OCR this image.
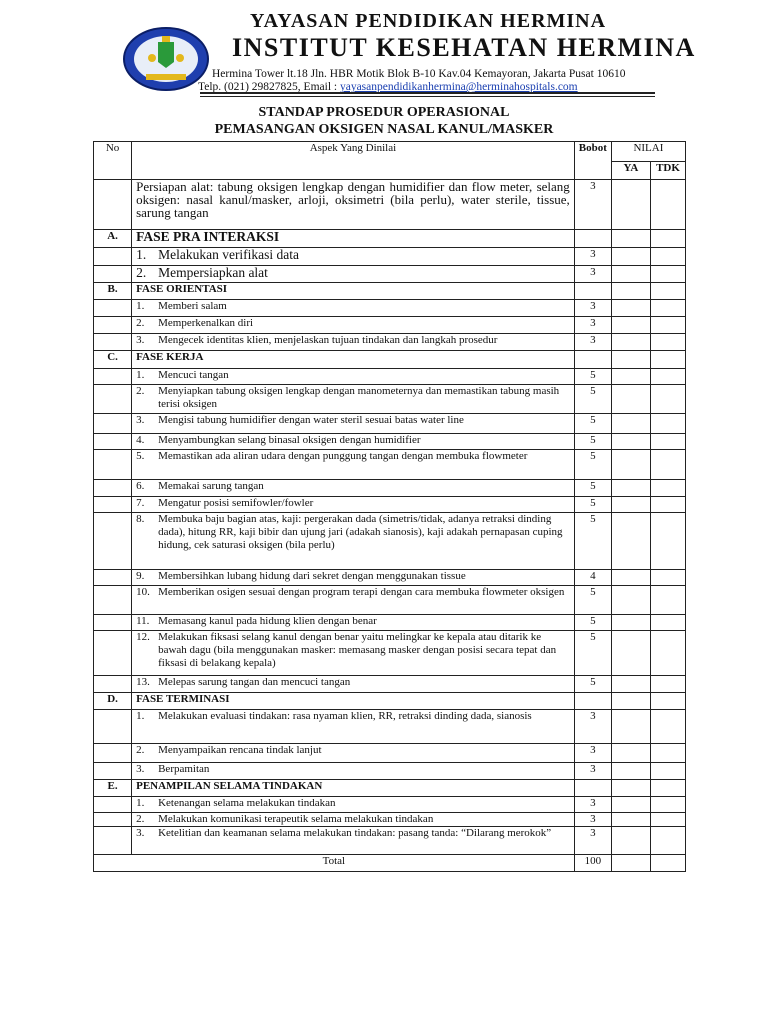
YAYASAN PENDIDIKAN HERMINA
INSTITUT KESEHATAN HERMINA
Hermina Tower lt.18 Jln. HBR Motik Blok B-10 Kav.04 Kemayoran, Jakarta Pusat 10610
Telp. (021) 29827825, Email : yayasanpendidikanhermina@herminahospitals.com
STANDAP PROSEDUR OPERASIONAL
PEMASANGAN OKSIGEN NASAL KANUL/MASKER
No	Aspek Yang Dinilai	Bobot	NILAI	
			YA	TDK
	Persiapan alat: tabung oksigen lengkap dengan humidifier dan flow meter, selang oksigen: nasal kanul/masker, arloji, oksimetri (bila perlu), water sterile, tissue, sarung tangan	3		
A.	FASE PRA INTERAKSI			

	1. Melakukan verifikasi data	3		

	2. Mempersiapkan alat	3		
B.	FASE ORIENTASI			

	1. Memberi salam	3		

	2. Memperkenalkan diri	3		

	3. Mengecek identitas klien, menjelaskan tujuan tindakan dan langkah prosedur	3		
C.	FASE KERJA			

	1. Mencuci tangan	5		

	2. Menyiapkan tabung oksigen lengkap dengan manometernya dan memastikan tabung masih terisi oksigen	5		

	3. Mengisi tabung humidifier dengan water steril sesuai batas water line	5		

	4. Menyambungkan selang binasal oksigen dengan humidifier	5		

	5. Memastikan ada aliran udara dengan punggung tangan dengan membuka flowmeter	5		

	6. Memakai sarung tangan	5		

	7. Mengatur posisi semifowler/fowler	5		

	8. Membuka baju bagian atas, kaji: pergerakan dada (simetris/tidak, adanya retraksi dinding dada), hitung RR, kaji bibir dan ujung jari (adakah sianosis), kaji adakah pernapasan cuping hidung, cek saturasi oksigen (bila perlu)	5		

	9. Membersihkan lubang hidung dari sekret dengan menggunakan tissue	4		

	10. Memberikan osigen sesuai dengan program terapi dengan cara membuka flowmeter oksigen	5		

	11. Memasang kanul pada hidung klien dengan benar	5		

	12. Melakukan fiksasi selang kanul dengan benar yaitu melingkar ke kepala atau ditarik ke bawah dagu (bila menggunakan masker: memasang masker dengan posisi secara tepat dan fiksasi di belakang kepala)	5		

	13. Melepas sarung tangan dan mencuci tangan	5		
D.	FASE TERMINASI			

	1. Melakukan evaluasi tindakan: rasa nyaman klien, RR, retraksi dinding dada, sianosis	3		

	2. Menyampaikan rencana tindak lanjut	3		

	3. Berpamitan	3		
E.	PENAMPILAN SELAMA TINDAKAN			

	1. Ketenangan selama melakukan tindakan	3		

	2. Melakukan komunikasi terapeutik selama melakukan tindakan	3		

	3. Ketelitian dan keamanan selama melakukan tindakan: pasang tanda: “Dilarang merokok”	3		
Total		100		
